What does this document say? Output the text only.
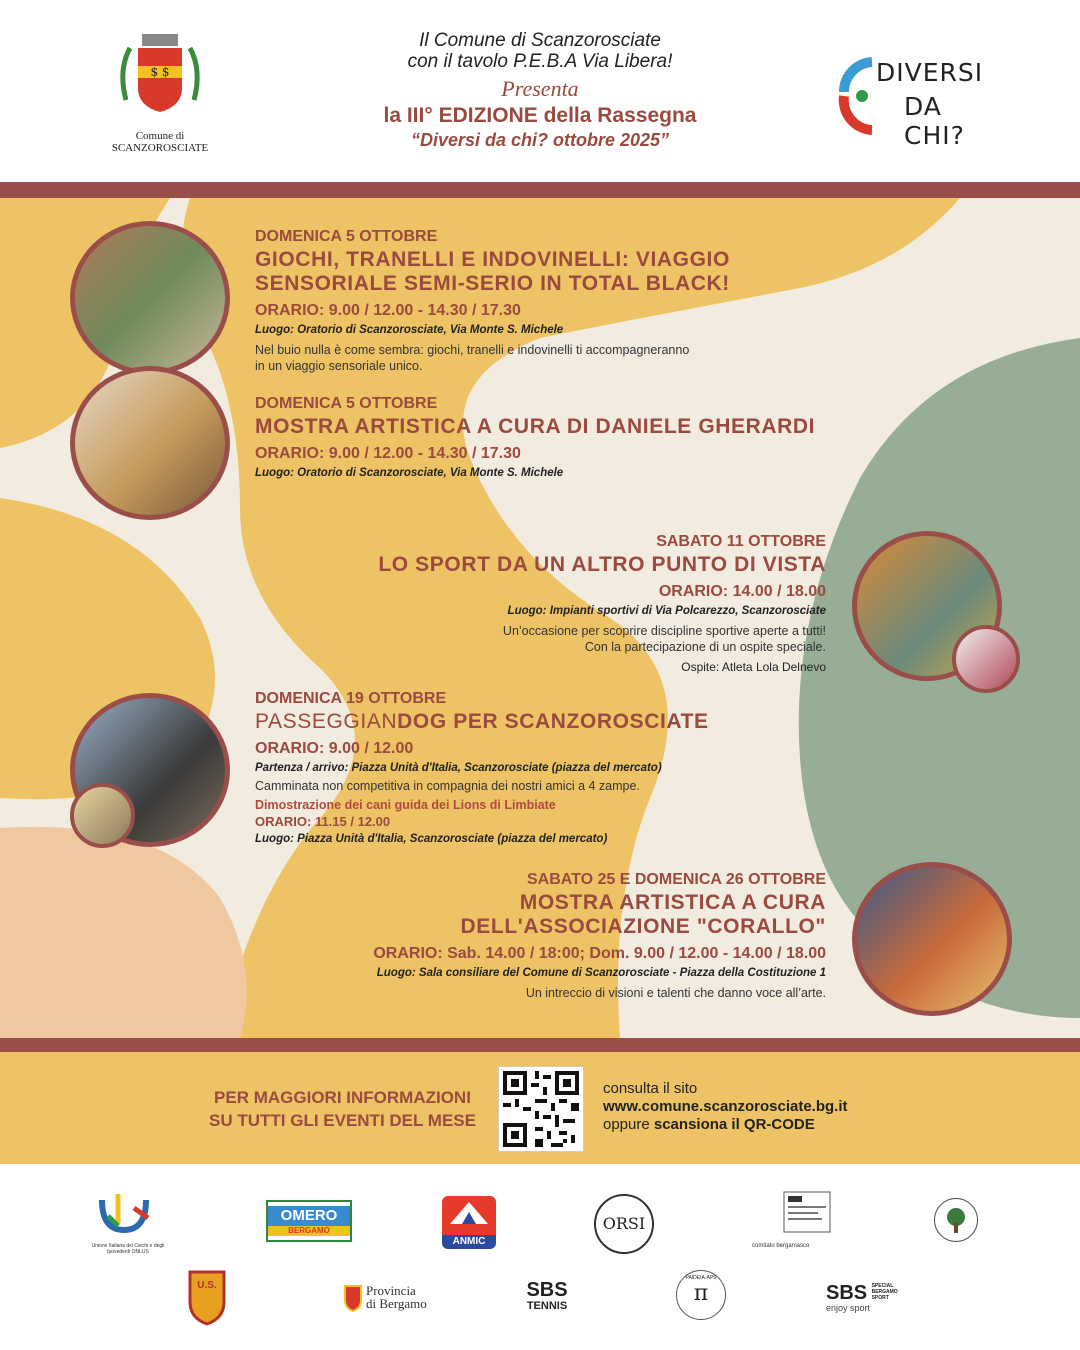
$ $
Comune di
SCANZOROSCIATE
Il Comune di Scanzorosciate
con il tavolo P.E.B.A Via Libera!
Presenta
la III° EDIZIONE della Rassegna
“Diversi da chi? ottobre 2025”
DIVERSI
DA CHI?
DOMENICA 5 OTTOBRE
GIOCHI, TRANELLI E INDOVINELLI: VIAGGIO
SENSORIALE SEMI-SERIO IN TOTAL BLACK!
ORARIO: 9.00 / 12.00 - 14.30 / 17.30
Luogo: Oratorio di Scanzorosciate, Via Monte S. Michele
Nel buio nulla è come sembra: giochi, tranelli e indovinelli ti accompagneranno
in un viaggio sensoriale unico.
DOMENICA 5 OTTOBRE
MOSTRA ARTISTICA A CURA DI DANIELE GHERARDI
ORARIO: 9.00 / 12.00 - 14.30 / 17.30
Luogo: Oratorio di Scanzorosciate, Via Monte S. Michele
SABATO 11 OTTOBRE
LO SPORT DA UN ALTRO PUNTO DI VISTA
ORARIO: 14.00 / 18.00
Luogo: Impianti sportivi di Via Polcarezzo, Scanzorosciate
Un’occasione per scoprire discipline sportive aperte a tutti!
Con la partecipazione di un ospite speciale.
Ospite: Atleta Lola Delnevo
DOMENICA 19 OTTOBRE
PASSEGGIANDOG PER SCANZOROSCIATE
ORARIO: 9.00 / 12.00
Partenza / arrivo: Piazza Unità d'Italia, Scanzorosciate (piazza del mercato)
Camminata non competitiva in compagnia dei nostri amici a 4 zampe.
Dimostrazione dei cani guida dei Lions di Limbiate
ORARIO: 11.15 / 12.00
Luogo: Piazza Unità d'Italia, Scanzorosciate (piazza del mercato)
SABATO 25 E DOMENICA 26 OTTOBRE
MOSTRA ARTISTICA A CURA
DELL'ASSOCIAZIONE "CORALLO"
ORARIO: Sab. 14.00 / 18:00; Dom. 9.00 / 12.00 - 14.00 / 18.00
Luogo: Sala consiliare del Comune di Scanzorosciate - Piazza della Costituzione 1
Un intreccio di visioni e talenti che danno voce all’arte.
PER MAGGIORI INFORMAZIONI
SU TUTTI GLI EVENTI DEL MESE
consulta il sito
www.comune.scanzorosciate.bg.it
oppure scansiona il QR-CODE
Unione Italiana dei Ciechi e degli Ipovedenti ONLUS
OMERO
BERGAMO
ANMIC
ORSI
comitato bergamasco
U.S.	Provincia
di Bergamo
SBS
TENNIS
PAIDEIA·APS
π	SBS SPECIAL BERGAMO SPORT
enjoy sport
